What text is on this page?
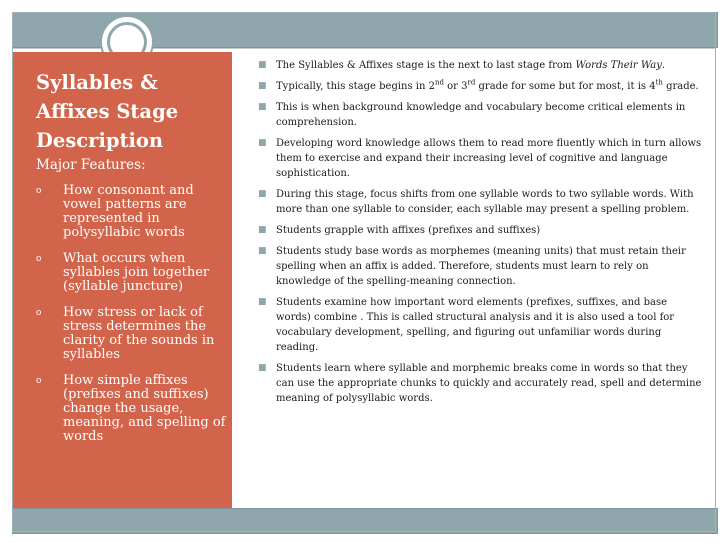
Syllables & Affixes Stage Description

Major Features:

o How consonant and vowel patterns are represented in polysyllabic words
o What occurs when syllables join together (syllable juncture)
o How stress or lack of stress determines the clarity of the sounds in syllables
o How simple affixes (prefixes and suffixes) change the usage, meaning, and spelling of words
■ The Syllables & Affixes stage is the next to last stage from Words Their Way.
■ Typically, this stage begins in 2nd or 3rd grade for some but for most, it is 4th grade.
■ This is when background knowledge and vocabulary become critical elements in comprehension.
■ Developing word knowledge allows them to read more fluently which in turn allows them to exercise and expand their increasing level of cognitive and language sophistication.
■ During this stage, focus shifts from one syllable words to two syllable words. With more than one syllable to consider, each syllable may present a spelling problem.
■ Students grapple with affixes (prefixes and suffixes)
■ Students study base words as morphemes (meaning units) that must retain their spelling when an affix is added. Therefore, students must learn to rely on knowledge of the spelling-meaning connection.
■ Students examine how important word elements (prefixes, suffixes, and base words) combine . This is called structural analysis and it is also used a tool for vocabulary development, spelling, and figuring out unfamiliar words during reading.
■ Students learn where syllable and morphemic breaks come in words so that they can use the appropriate chunks to quickly and accurately read, spell and determine meaning of polysyllabic words.
